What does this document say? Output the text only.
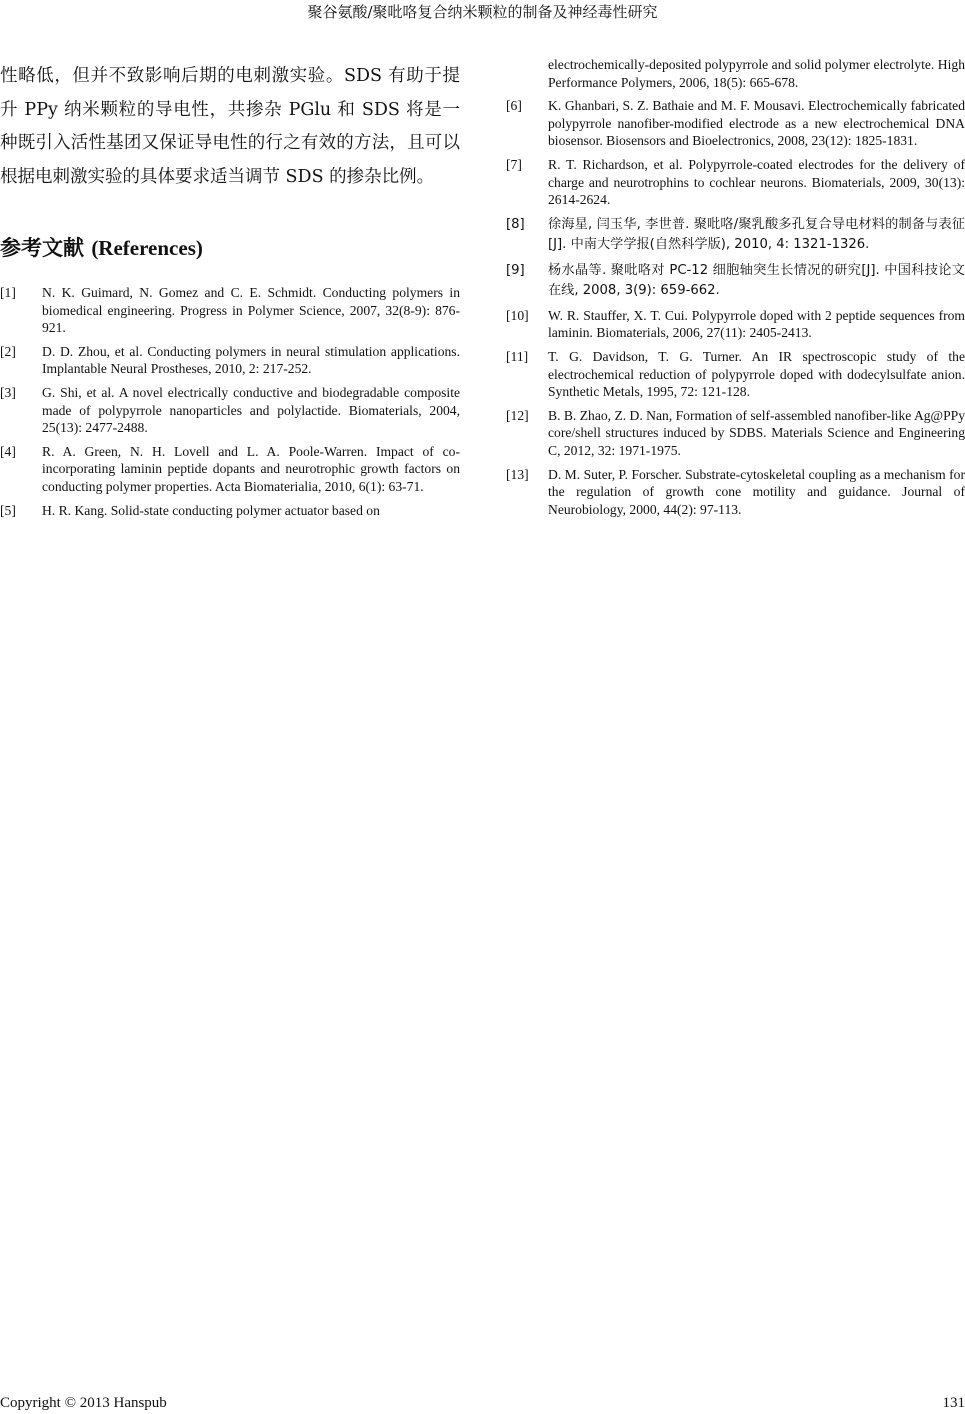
聚谷氨酸/聚吡咯复合纳米颗粒的制备及神经毒性研究

性略低，但并不致影响后期的电刺激实验。SDS 有助于提升 PPy 纳米颗粒的导电性，共掺杂 PGlu 和 SDS 将是一种既引入活性基团又保证导电性的行之有效的方法，且可以根据电刺激实验的具体要求适当调节 SDS 的掺杂比例。

参考文献 (References)
[1] N. K. Guimard, N. Gomez and C. E. Schmidt. Conducting polymers in biomedical engineering. Progress in Polymer Science, 2007, 32(8-9): 876-921.
[2] D. D. Zhou, et al. Conducting polymers in neural stimulation applications. Implantable Neural Prostheses, 2010, 2: 217-252.
[3] G. Shi, et al. A novel electrically conductive and biodegradable composite made of polypyrrole nanoparticles and polylactide. Biomaterials, 2004, 25(13): 2477-2488.
[4] R. A. Green, N. H. Lovell and L. A. Poole-Warren. Impact of co-incorporating laminin peptide dopants and neurotrophic growth factors on conducting polymer properties. Acta Biomaterialia, 2010, 6(1): 63-71.
[5] H. R. Kang. Solid-state conducting polymer actuator based on
electrochemically-deposited polypyrrole and solid polymer electrolyte. High Performance Polymers, 2006, 18(5): 665-678.
[6] K. Ghanbari, S. Z. Bathaie and M. F. Mousavi. Electrochemically fabricated polypyrrole nanofiber-modified electrode as a new electrochemical DNA biosensor. Biosensors and Bioelectronics, 2008, 23(12): 1825-1831.
[7] R. T. Richardson, et al. Polypyrrole-coated electrodes for the delivery of charge and neurotrophins to cochlear neurons. Biomaterials, 2009, 30(13): 2614-2624.
[8] 徐海星, 闫玉华, 李世普. 聚吡咯/聚乳酸多孔复合导电材料的制备与表征[J]. 中南大学学报(自然科学版), 2010, 4: 1321-1326.
[9] 杨水晶等. 聚吡咯对 PC-12 细胞轴突生长情况的研究[J]. 中国科技论文在线, 2008, 3(9): 659-662.
[10] W. R. Stauffer, X. T. Cui. Polypyrrole doped with 2 peptide sequences from laminin. Biomaterials, 2006, 27(11): 2405-2413.
[11] T. G. Davidson, T. G. Turner. An IR spectroscopic study of the electrochemical reduction of polypyrrole doped with dodecylsulfate anion. Synthetic Metals, 1995, 72: 121-128.
[12] B. B. Zhao, Z. D. Nan, Formation of self-assembled nanofiber-like Ag@PPy core/shell structures induced by SDBS. Materials Science and Engineering C, 2012, 32: 1971-1975.
[13] D. M. Suter, P. Forscher. Substrate-cytoskeletal coupling as a mechanism for the regulation of growth cone motility and guidance. Journal of Neurobiology, 2000, 44(2): 97-113.
Copyright © 2013 Hanspub	131
